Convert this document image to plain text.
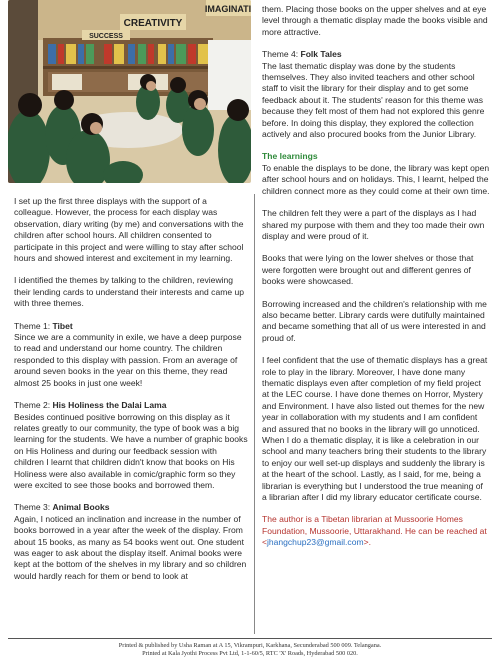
CREATIVITY
SUCCESS
IMAGINATI

I set up the first three displays with the support of a colleague. However, the process for each display was observation, diary writing (by me) and conversations with the children after school hours. All children consented to participate in this project and were willing to stay after school hours and showed interest and excitement in my learning.

I identified the themes by talking to the children, reviewing their lending cards to understand their interests and came up with three themes.

Theme 1: Tibet

Since we are a community in exile, we have a deep purpose to read and understand our home country. The children responded to this display with passion. From an average of around seven books in the year on this theme, they read almost 25 books in just one week!

Theme 2: His Holiness the Dalai Lama

Besides continued positive borrowing on this display as it relates greatly to our community, the type of book was a big learning for the students. We have a number of graphic books on His Holiness and during our feedback session with children I learnt that children didn't know that books on His Holiness were also available in comic/graphic form so they were excited to see those books and borrowed them.

Theme 3: Animal Books

Again, I noticed an inclination and increase in the number of books borrowed in a year after the week of the display. From about 15 books, as many as 54 books went out. One student was eager to ask about the display itself. Animal books were kept at the bottom of the shelves in my library and so children would hardly reach for them or bend to look at

them. Placing those books on the upper shelves and at eye level through a thematic display made the books visible and more attractive.

Theme 4: Folk Tales

The last thematic display was done by the students themselves. They also invited teachers and other school staff to visit the library for their display and to get some feedback about it. The students' reason for this theme was because they felt most of them had not explored this genre before. In doing this display, they explored the collection actively and also procured books from the Junior Library.

The learnings

To enable the displays to be done, the library was kept open after school hours and on holidays. This, I learnt, helped the children connect more as they could come at their own time.

The children felt they were a part of the displays as I had shared my purpose with them and they too made their own display and were proud of it.

Books that were lying on the lower shelves or those that were forgotten were brought out and different genres of books were showcased.

Borrowing increased and the children's relationship with me also became better. Library cards were dutifully maintained and became something that all of us were interested in and proud of.

I feel confident that the use of thematic displays has a great role to play in the library. Moreover, I have done many thematic displays even after completion of my field project at the LEC course. I have done themes on Horror, Mystery and Environment. I have also listed out themes for the new year in collaboration with my students and I am confident and assured that no books in the library will go unnoticed. When I do a thematic display, it is like a celebration in our school and many teachers bring their students to the library to enjoy our well set-up displays and suddenly the library is at the heart of the school. Lastly, as I said, for me, being a librarian is everything but I understood the true meaning of a librarian after I did my library educator certificate course.

The author is a Tibetan librarian at Mussoorie Homes Foundation, Mussoorie, Uttarakhand. He can be reached at <jhangchup23@gmail.com>.

Printed & published by Usha Raman at A 15, Vikrampuri, Karkhana, Secunderabad 500 009. Telangana.

Printed at Kala Jyothi Process Pvt Ltd, 1-1-60/5, RTC 'X' Roads, Hyderabad 500 020.
